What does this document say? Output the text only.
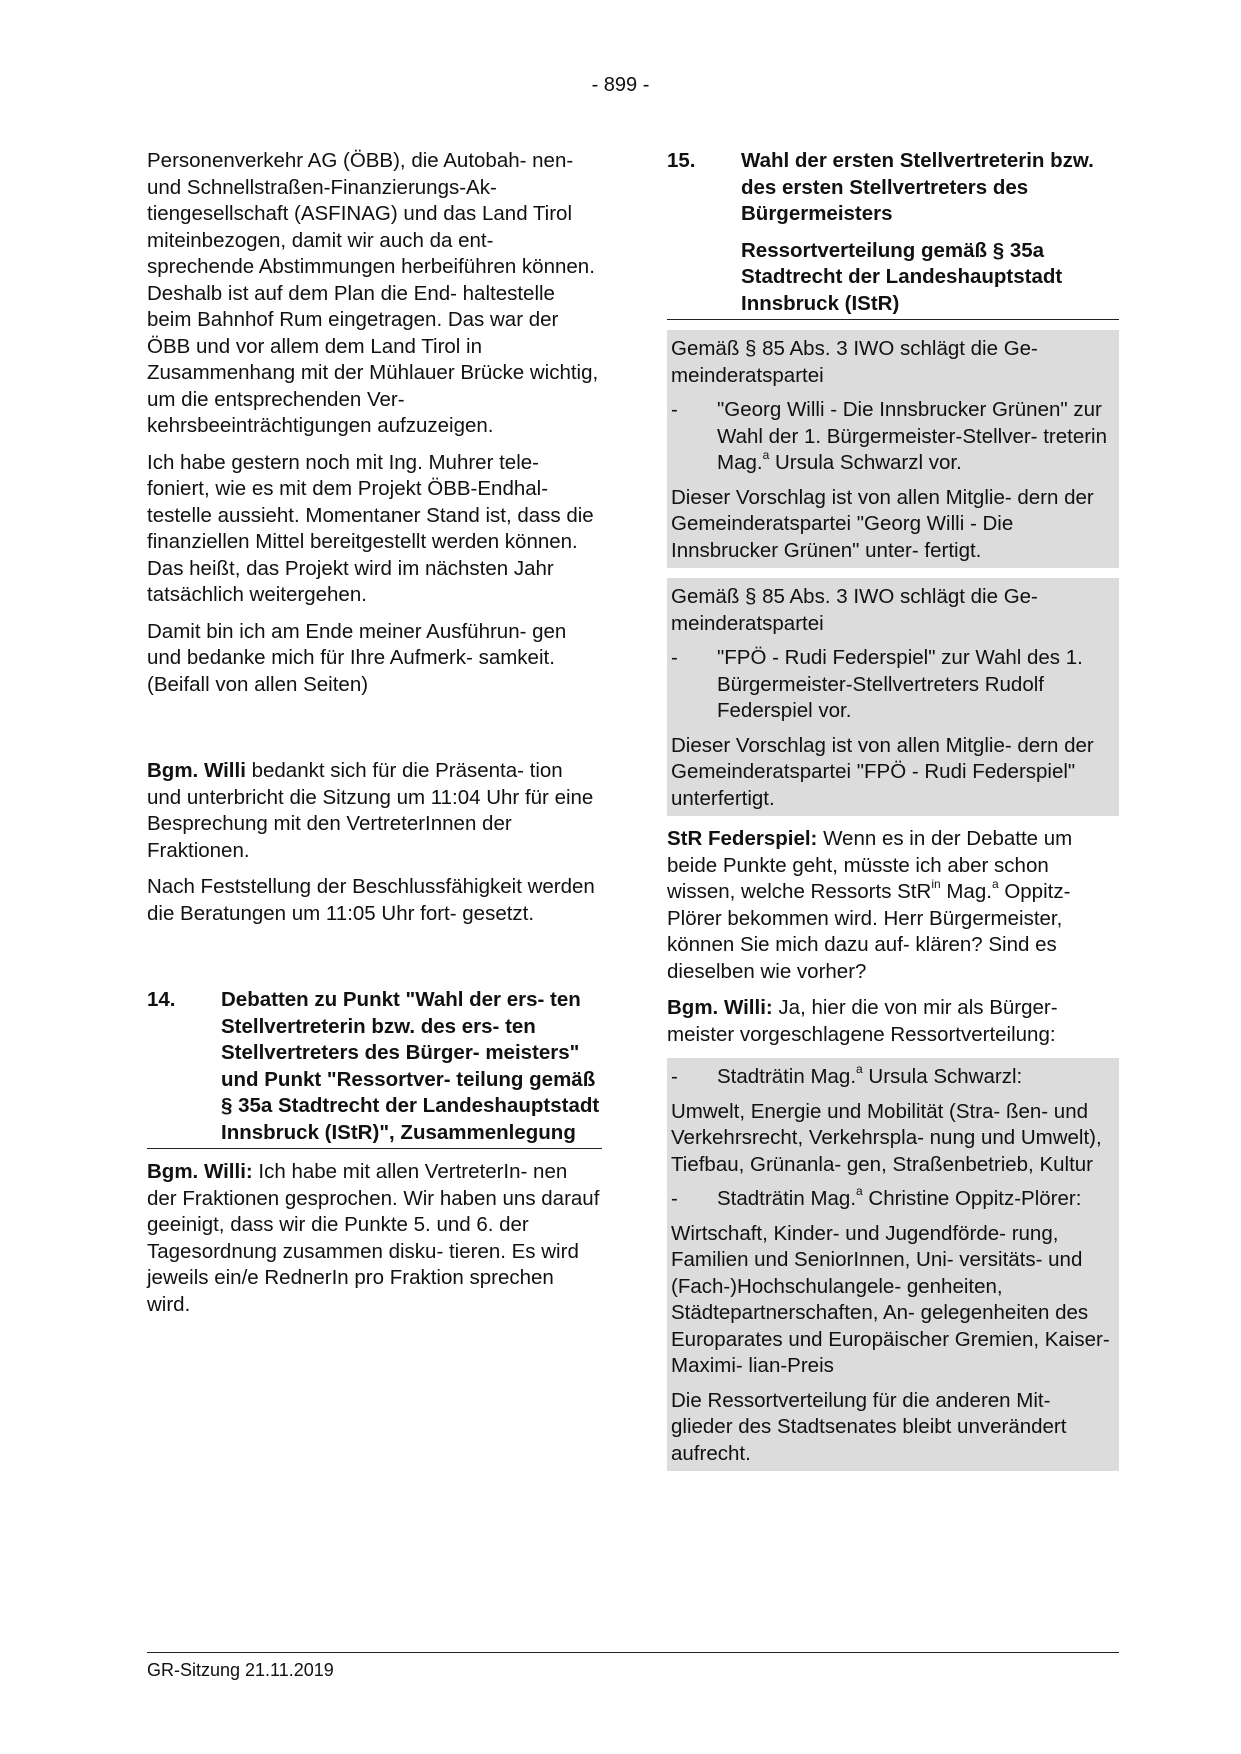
- 899 -

Personenverkehr AG (ÖBB), die Autobah- nen- und Schnellstraßen-Finanzierungs-Ak- tiengesellschaft (ASFINAG) und das Land Tirol miteinbezogen, damit wir auch da ent- sprechende Abstimmungen herbeiführen können. Deshalb ist auf dem Plan die End- haltestelle beim Bahnhof Rum eingetragen. Das war der ÖBB und vor allem dem Land Tirol in Zusammenhang mit der Mühlauer Brücke wichtig, um die entsprechenden Ver- kehrsbeeinträchtigungen aufzuzeigen.

Ich habe gestern noch mit Ing. Muhrer tele- foniert, wie es mit dem Projekt ÖBB-Endhal- testelle aussieht. Momentaner Stand ist, dass die finanziellen Mittel bereitgestellt werden können. Das heißt, das Projekt wird im nächsten Jahr tatsächlich weitergehen.

Damit bin ich am Ende meiner Ausführun- gen und bedanke mich für Ihre Aufmerk- samkeit. (Beifall von allen Seiten)

Bgm. Willi bedankt sich für die Präsenta- tion und unterbricht die Sitzung um 11:04 Uhr für eine Besprechung mit den VertreterInnen der Fraktionen.

Nach Feststellung der Beschlussfähigkeit werden die Beratungen um 11:05 Uhr fort- gesetzt.

14.	Debatten zu Punkt "Wahl der ers- ten Stellvertreterin bzw. des ers- ten Stellvertreters des Bürger- meisters" und Punkt "Ressortver- teilung gemäß § 35a Stadtrecht der Landeshauptstadt Innsbruck (IStR)", Zusammenlegung

Bgm. Willi: Ich habe mit allen VertreterIn- nen der Fraktionen gesprochen. Wir haben uns darauf geeinigt, dass wir die Punkte 5. und 6. der Tagesordnung zusammen disku- tieren. Es wird jeweils ein/e RednerIn pro Fraktion sprechen wird.

15.	Wahl der ersten Stellvertreterin bzw. des ersten Stellvertreters des Bürgermeisters
Ressortverteilung gemäß § 35a Stadtrecht der Landeshauptstadt Innsbruck (IStR)

Gemäß § 85 Abs. 3 IWO schlägt die Ge- meinderatspartei

-	"Georg Willi - Die Innsbrucker Grünen" zur Wahl der 1. Bürgermeister-Stellver- treterin Mag.$^a$ Ursula Schwarzl vor.

Dieser Vorschlag ist von allen Mitglie- dern der Gemeinderatspartei "Georg Willi - Die Innsbrucker Grünen" unter- fertigt.

Gemäß § 85 Abs. 3 IWO schlägt die Ge- meinderatspartei

-	"FPÖ - Rudi Federspiel" zur Wahl des 1. Bürgermeister-Stellvertreters Rudolf Federspiel vor.

Dieser Vorschlag ist von allen Mitglie- dern der Gemeinderatspartei "FPÖ - Rudi Federspiel" unterfertigt.

StR Federspiel: Wenn es in der Debatte um beide Punkte geht, müsste ich aber schon wissen, welche Ressorts StR$^{in}$ Mag.$^a$ Oppitz-Plörer bekommen wird. Herr Bürgermeister, können Sie mich dazu auf- klären? Sind es dieselben wie vorher?

Bgm. Willi: Ja, hier die von mir als Bürger- meister vorgeschlagene Ressortverteilung:

-	Stadträtin Mag.$^a$ Ursula Schwarzl:

Umwelt, Energie und Mobilität (Stra- ßen- und Verkehrsrecht, Verkehrspla- nung und Umwelt), Tiefbau, Grünanla- gen, Straßenbetrieb, Kultur

-	Stadträtin Mag.$^a$ Christine Oppitz-Plörer:

Wirtschaft, Kinder- und Jugendförde- rung, Familien und SeniorInnen, Uni- versitäts- und (Fach-)Hochschulangele- genheiten, Städtepartnerschaften, An- gelegenheiten des Europarates und Europäischer Gremien, Kaiser-Maximi- lian-Preis

Die Ressortverteilung für die anderen Mit- glieder des Stadtsenates bleibt unverändert aufrecht.

GR-Sitzung 21.11.2019
